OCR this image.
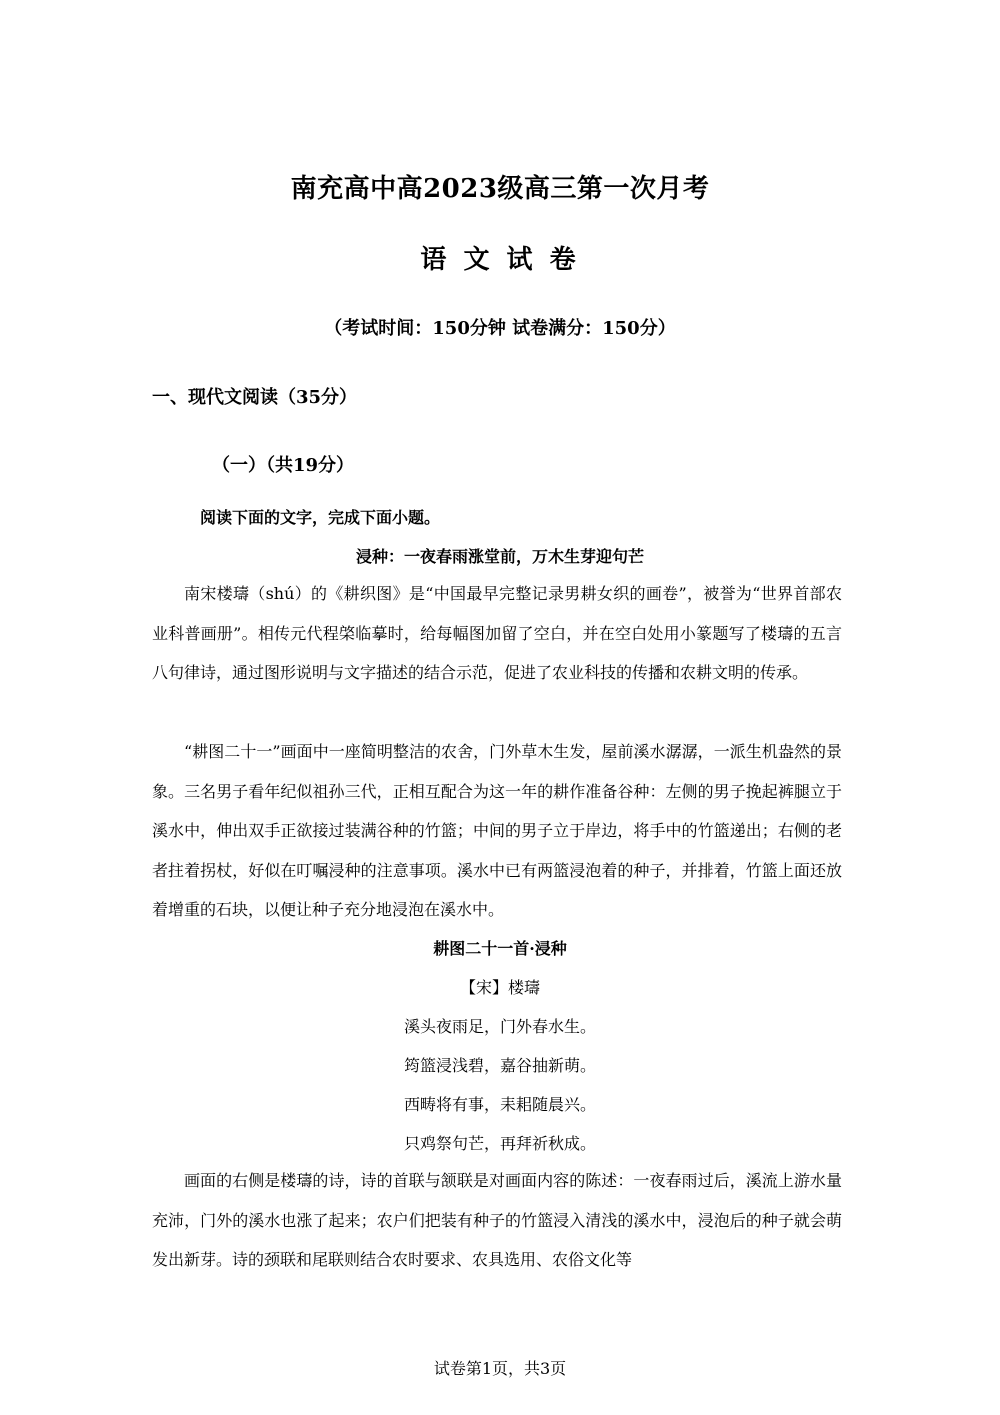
南充高中高2023级高三第一次月考
语 文 试 卷
（考试时间：150分钟 试卷满分：150分）
一、现代文阅读（35分）
（一）（共19分）
阅读下面的文字，完成下面小题。
浸种：一夜春雨涨堂前，万木生芽迎句芒
南宋楼璹（shú）的《耕织图》是“中国最早完整记录男耕女织的画卷”，被誉为“世界首部农业科普画册”。相传元代程棨临摹时，给每幅图加留了空白，并在空白处用小篆题写了楼璹的五言八句律诗，通过图形说明与文字描述的结合示范，促进了农业科技的传播和农耕文明的传承。
“耕图二十一”画面中一座简明整洁的农舍，门外草木生发，屋前溪水潺潺，一派生机盎然的景象。三名男子看年纪似祖孙三代，正相互配合为这一年的耕作准备谷种：左侧的男子挽起裤腿立于溪水中，伸出双手正欲接过装满谷种的竹篮；中间的男子立于岸边，将手中的竹篮递出；右侧的老者拄着拐杖，好似在叮嘱浸种的注意事项。溪水中已有两篮浸泡着的种子，并排着，竹篮上面还放着增重的石块，以便让种子充分地浸泡在溪水中。
耕图二十一首·浸种
【宋】楼璹
溪头夜雨足，门外春水生。
筠篮浸浅碧，嘉谷抽新萌。
西畴将有事，耒耜随晨兴。
只鸡祭句芒，再拜祈秋成。
画面的右侧是楼璹的诗，诗的首联与颔联是对画面内容的陈述：一夜春雨过后，溪流上游水量充沛，门外的溪水也涨了起来；农户们把装有种子的竹篮浸入清浅的溪水中，浸泡后的种子就会萌发出新芽。诗的颈联和尾联则结合农时要求、农具选用、农俗文化等
试卷第1页，共3页
